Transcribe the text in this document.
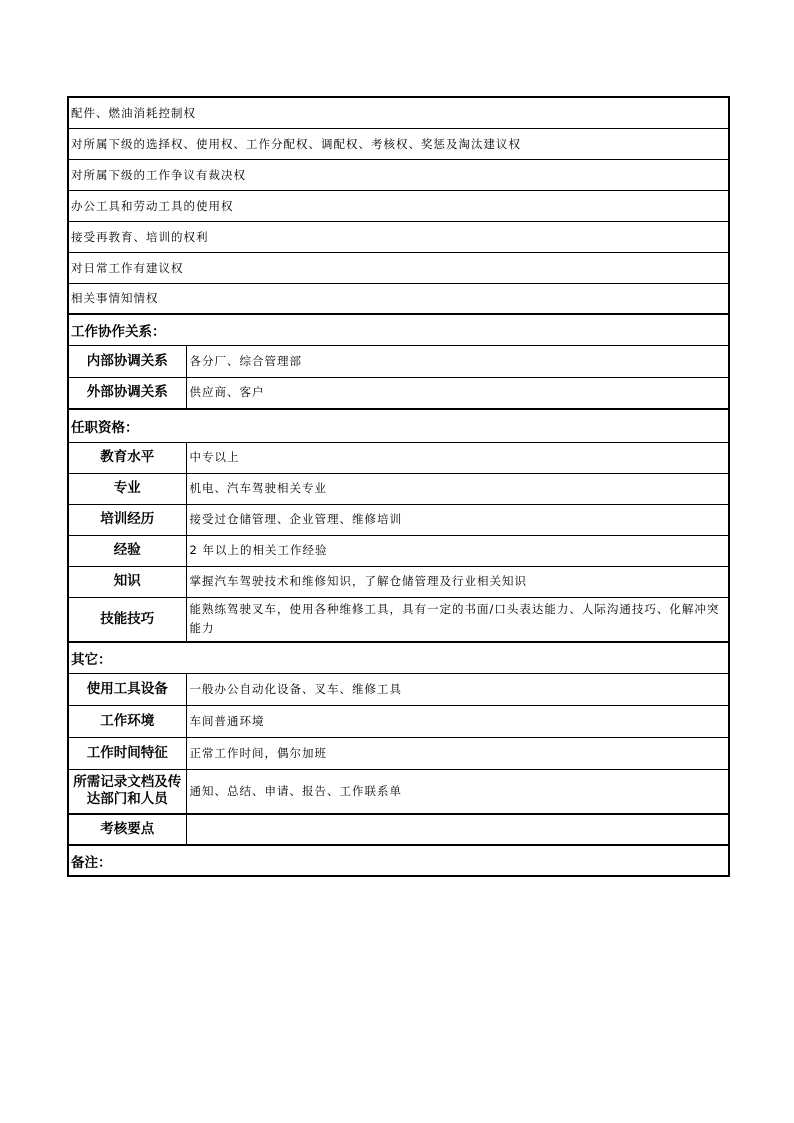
配件、燃油消耗控制权	
对所属下级的选择权、使用权、工作分配权、调配权、考核权、奖惩及淘汰建议权	
对所属下级的工作争议有裁决权	
办公工具和劳动工具的使用权	
接受再教育、培训的权利	
对日常工作有建议权	
相关事情知情权	
工作协作关系：	
内部协调关系	各分厂、综合管理部
外部协调关系	供应商、客户
任职资格：	
教育水平	中专以上
专业	机电、汽车驾驶相关专业
培训经历	接受过仓储管理、企业管理、维修培训
经验	2 年以上的相关工作经验
知识	掌握汽车驾驶技术和维修知识，了解仓储管理及行业相关知识
技能技巧	能熟练驾驶叉车，使用各种维修工具，具有一定的书面/口头表达能力、人际沟通技巧、化解冲突能力
其它：	
使用工具设备	一般办公自动化设备、叉车、维修工具
工作环境	车间普通环境
工作时间特征	正常工作时间，偶尔加班
所需记录文档及传达部门和人员	通知、总结、申请、报告、工作联系单
考核要点	
备注：	
